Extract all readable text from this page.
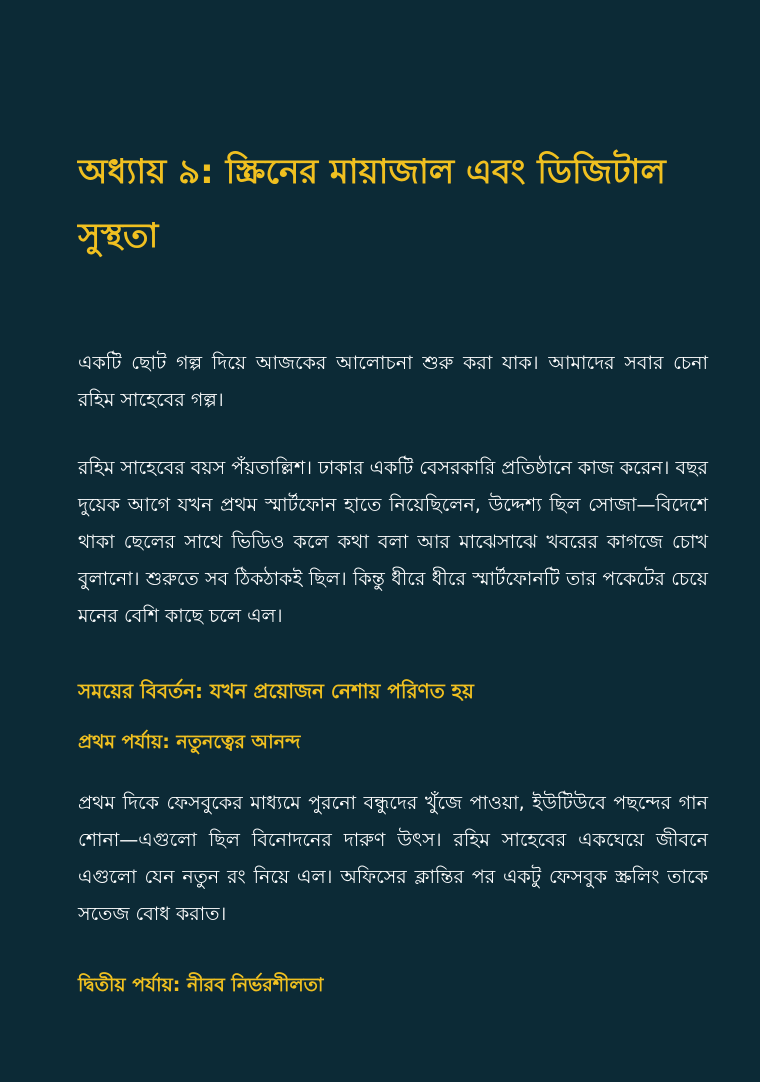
অধ্যায় ৯: স্ক্রিনের মায়াজাল এবং ডিজিটাল সুস্থতা

একটি ছোট গল্প দিয়ে আজকের আলোচনা শুরু করা যাক। আমাদের সবার চেনা রহিম সাহেবের গল্প।

রহিম সাহেবের বয়স পঁয়তাল্লিশ। ঢাকার একটি বেসরকারি প্রতিষ্ঠানে কাজ করেন। বছর দুয়েক আগে যখন প্রথম স্মার্টফোন হাতে নিয়েছিলেন, উদ্দেশ্য ছিল সোজা—বিদেশে থাকা ছেলের সাথে ভিডিও কলে কথা বলা আর মাঝেসাঝে খবরের কাগজে চোখ বুলানো। শুরুতে সব ঠিকঠাকই ছিল। কিন্তু ধীরে ধীরে স্মার্টফোনটি তার পকেটের চেয়ে মনের বেশি কাছে চলে এল।

সময়ের বিবর্তন: যখন প্রয়োজন নেশায় পরিণত হয়
প্রথম পর্যায়: নতুনত্বের আনন্দ

প্রথম দিকে ফেসবুকের মাধ্যমে পুরনো বন্ধুদের খুঁজে পাওয়া, ইউটিউবে পছন্দের গান শোনা—এগুলো ছিল বিনোদনের দারুণ উৎস। রহিম সাহেবের একঘেয়ে জীবনে এগুলো যেন নতুন রং নিয়ে এল। অফিসের ক্লান্তির পর একটু ফেসবুক স্ক্রলিং তাকে সতেজ বোধ করাত।

দ্বিতীয় পর্যায়: নীরব নির্ভরশীলতা
